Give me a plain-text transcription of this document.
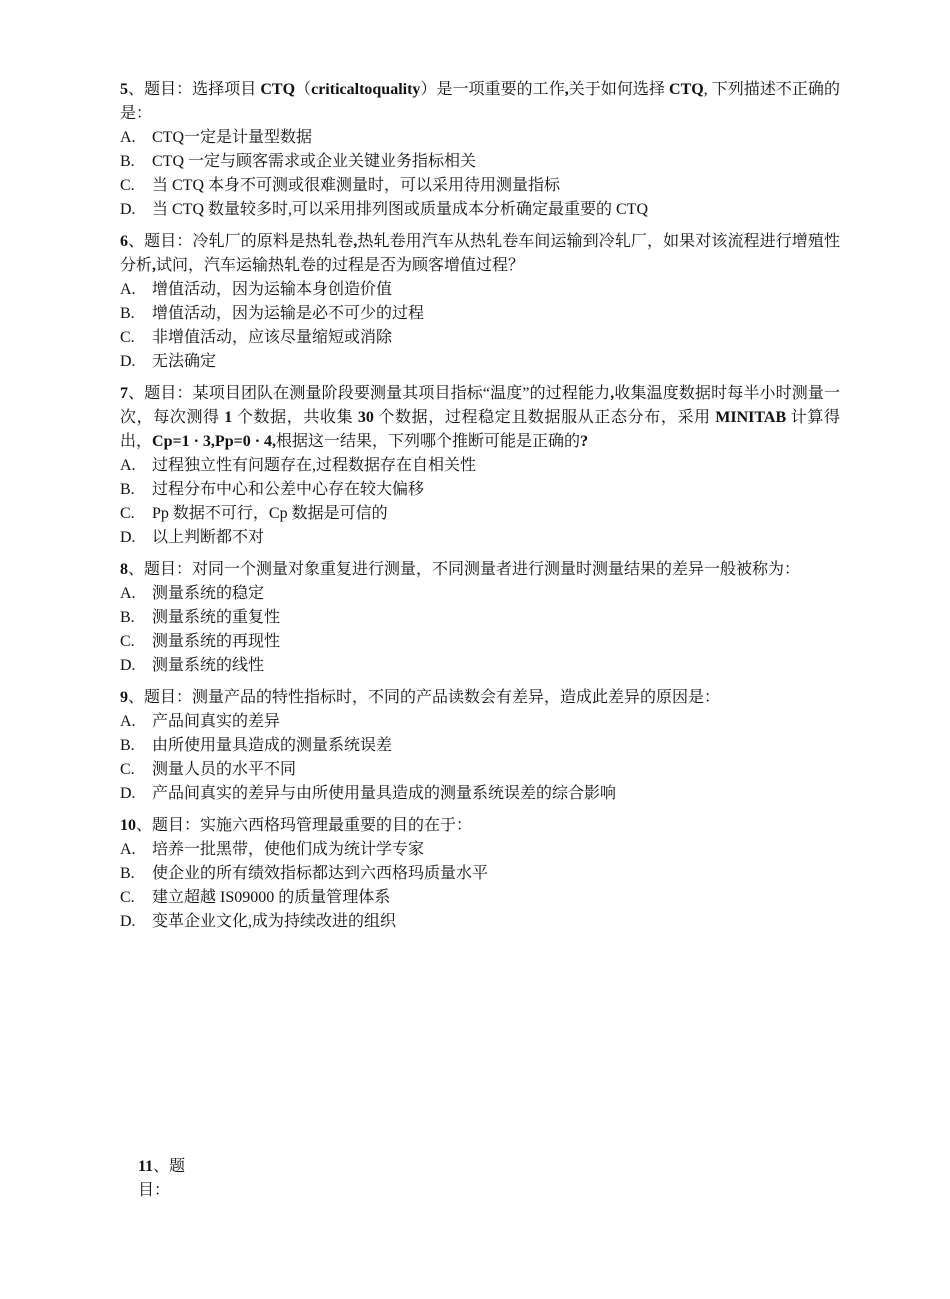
5、题目：选择项目 CTQ（criticaltoquality）是一项重要的工作,关于如何选择 CTQ, 下列描述不正确的是：
A.	CTQ一定是计量型数据
B.	CTQ 一定与顾客需求或企业关键业务指标相关
C.	当 CTQ 本身不可测或很难测量时，可以采用待用测量指标
D.	当 CTQ 数量较多时,可以采用排列图或质量成本分析确定最重要的 CTQ
6、题目：冷轧厂的原料是热轧卷,热轧卷用汽车从热轧卷车间运输到冷轧厂，如果对该流程进行增殖性分析,试问，汽车运输热轧卷的过程是否为顾客增值过程？
A.	增值活动，因为运输本身创造价值
B.	增值活动，因为运输是必不可少的过程
C.	非增值活动，应该尽量缩短或消除
D.	无法确定
7、题目：某项目团队在测量阶段要测量其项目指标“温度”的过程能力,收集温度数据时每半小时测量一次，每次测得 1 个数据，共收集 30 个数据，过程稳定且数据服从正态分布，采用 MINITAB 计算得出，Cp=1 · 3,Pp=0 · 4,根据这一结果，下列哪个推断可能是正确的?
A.	过程独立性有问题存在,过程数据存在自相关性
B.	过程分布中心和公差中心存在较大偏移
C.	Pp 数据不可行，Cp 数据是可信的
D.	以上判断都不对
8、题目：对同一个测量对象重复进行测量，不同测量者进行测量时测量结果的差异一般被称为：
A.	测量系统的稳定
B.	测量系统的重复性
C.	测量系统的再现性
D.	测量系统的线性
9、题目：测量产品的特性指标时，不同的产品读数会有差异，造成此差异的原因是：
A.	产品间真实的差异
B.	由所使用量具造成的测量系统误差
C.	测量人员的水平不同
D.	产品间真实的差异与由所使用量具造成的测量系统误差的综合影响
10、题目：实施六西格玛管理最重要的目的在于：
A.	培养一批黑带，使他们成为统计学专家
B.	使企业的所有绩效指标都达到六西格玛质量水平
C.	建立超越 IS09000 的质量管理体系
D.	变革企业文化,成为持续改进的组织
11、题目：
